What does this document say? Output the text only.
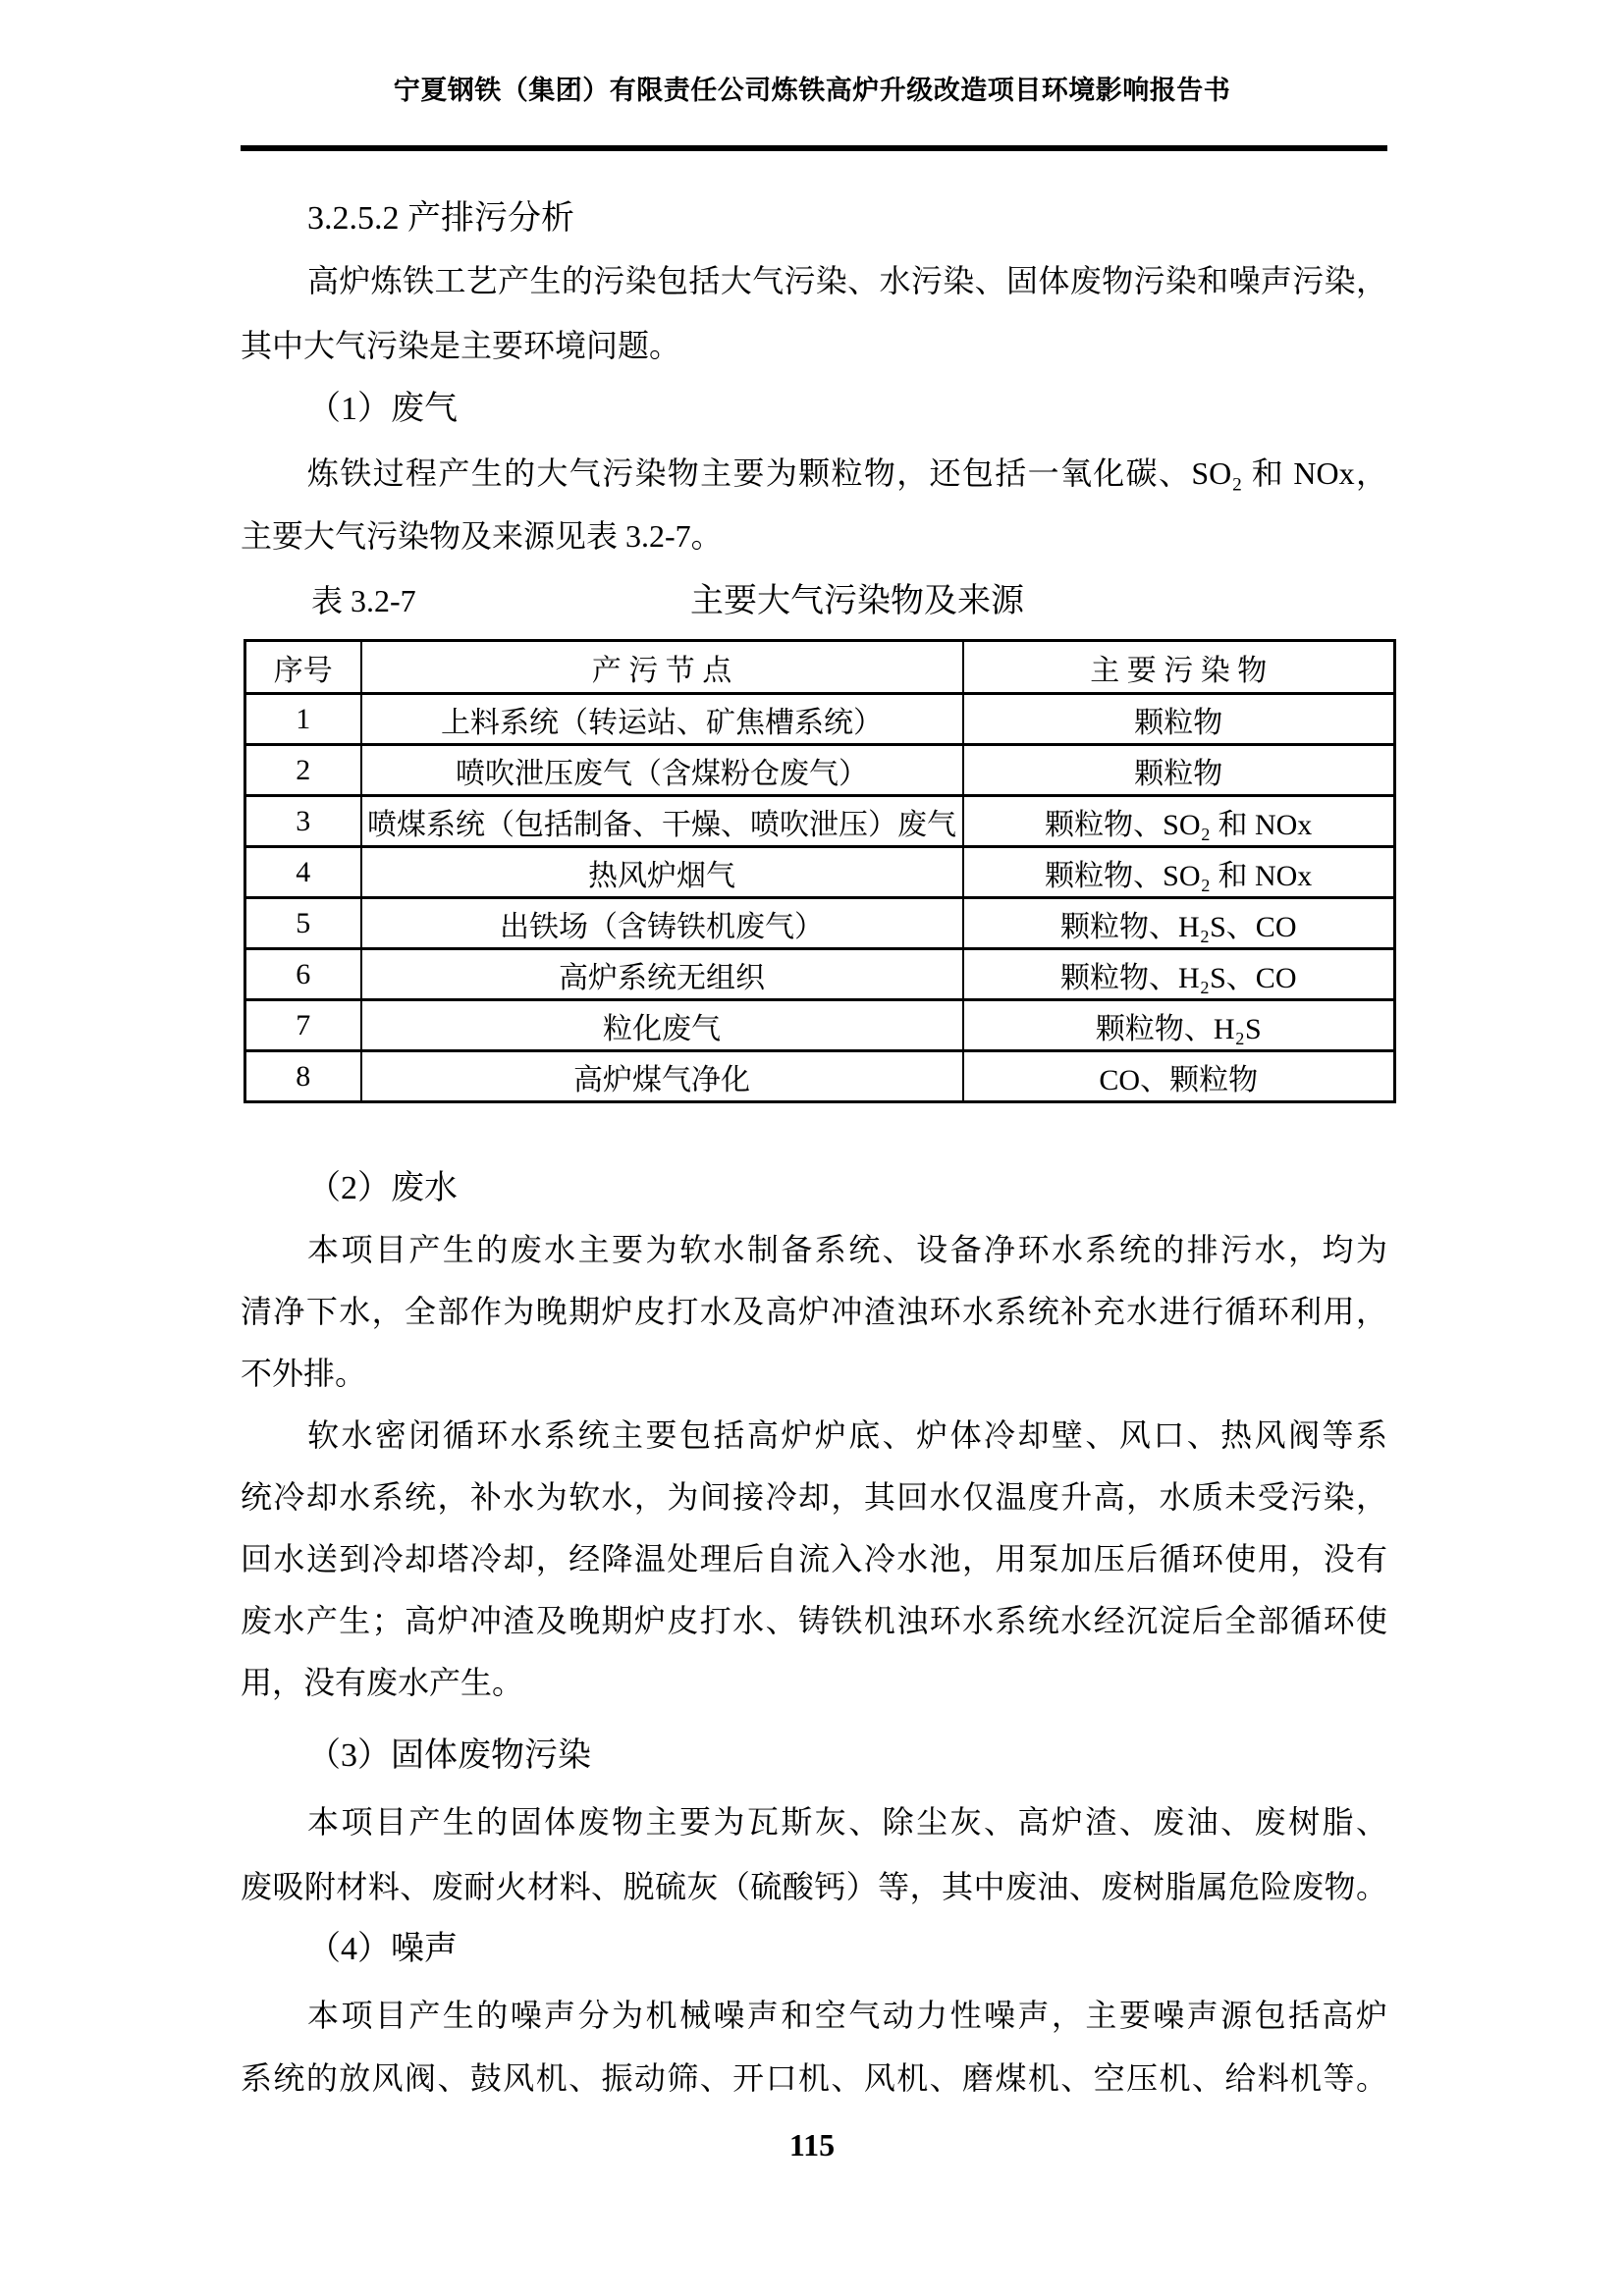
宁夏钢铁（集团）有限责任公司炼铁高炉升级改造项目环境影响报告书
3.2.5.2 产排污分析
高炉炼铁工艺产生的污染包括大气污染、水污染、固体废物污染和噪声污染，
其中大气污染是主要环境问题。
（1）废气
炼铁过程产生的大气污染物主要为颗粒物，还包括一氧化碳、SO₂ 和 NOx，
主要大气污染物及来源见表 3.2-7。
表 3.2-7	主要大气污染物及来源
序号	产 污 节 点	主 要 污 染 物
1	上料系统（转运站、矿焦槽系统）	颗粒物
2	喷吹泄压废气（含煤粉仓废气）	颗粒物
3	喷煤系统（包括制备、干燥、喷吹泄压）废气	颗粒物、SO₂ 和 NOx
4	热风炉烟气	颗粒物、SO₂ 和 NOx
5	出铁场（含铸铁机废气）	颗粒物、H₂S、CO
6	高炉系统无组织	颗粒物、H₂S、CO
7	粒化废气	颗粒物、H₂S
8	高炉煤气净化	CO、颗粒物
（2）废水
本项目产生的废水主要为软水制备系统、设备净环水系统的排污水，均为
清净下水，全部作为晚期炉皮打水及高炉冲渣浊环水系统补充水进行循环利用，
不外排。
软水密闭循环水系统主要包括高炉炉底、炉体冷却壁、风口、热风阀等系
统冷却水系统，补水为软水，为间接冷却，其回水仅温度升高，水质未受污染，
回水送到冷却塔冷却，经降温处理后自流入冷水池，用泵加压后循环使用，没有
废水产生；高炉冲渣及晚期炉皮打水、铸铁机浊环水系统水经沉淀后全部循环使
用，没有废水产生。
（3）固体废物污染
本项目产生的固体废物主要为瓦斯灰、除尘灰、高炉渣、废油、废树脂、
废吸附材料、废耐火材料、脱硫灰（硫酸钙）等，其中废油、废树脂属危险废物。
（4）噪声
本项目产生的噪声分为机械噪声和空气动力性噪声，主要噪声源包括高炉
系统的放风阀、鼓风机、振动筛、开口机、风机、磨煤机、空压机、给料机等。
115
